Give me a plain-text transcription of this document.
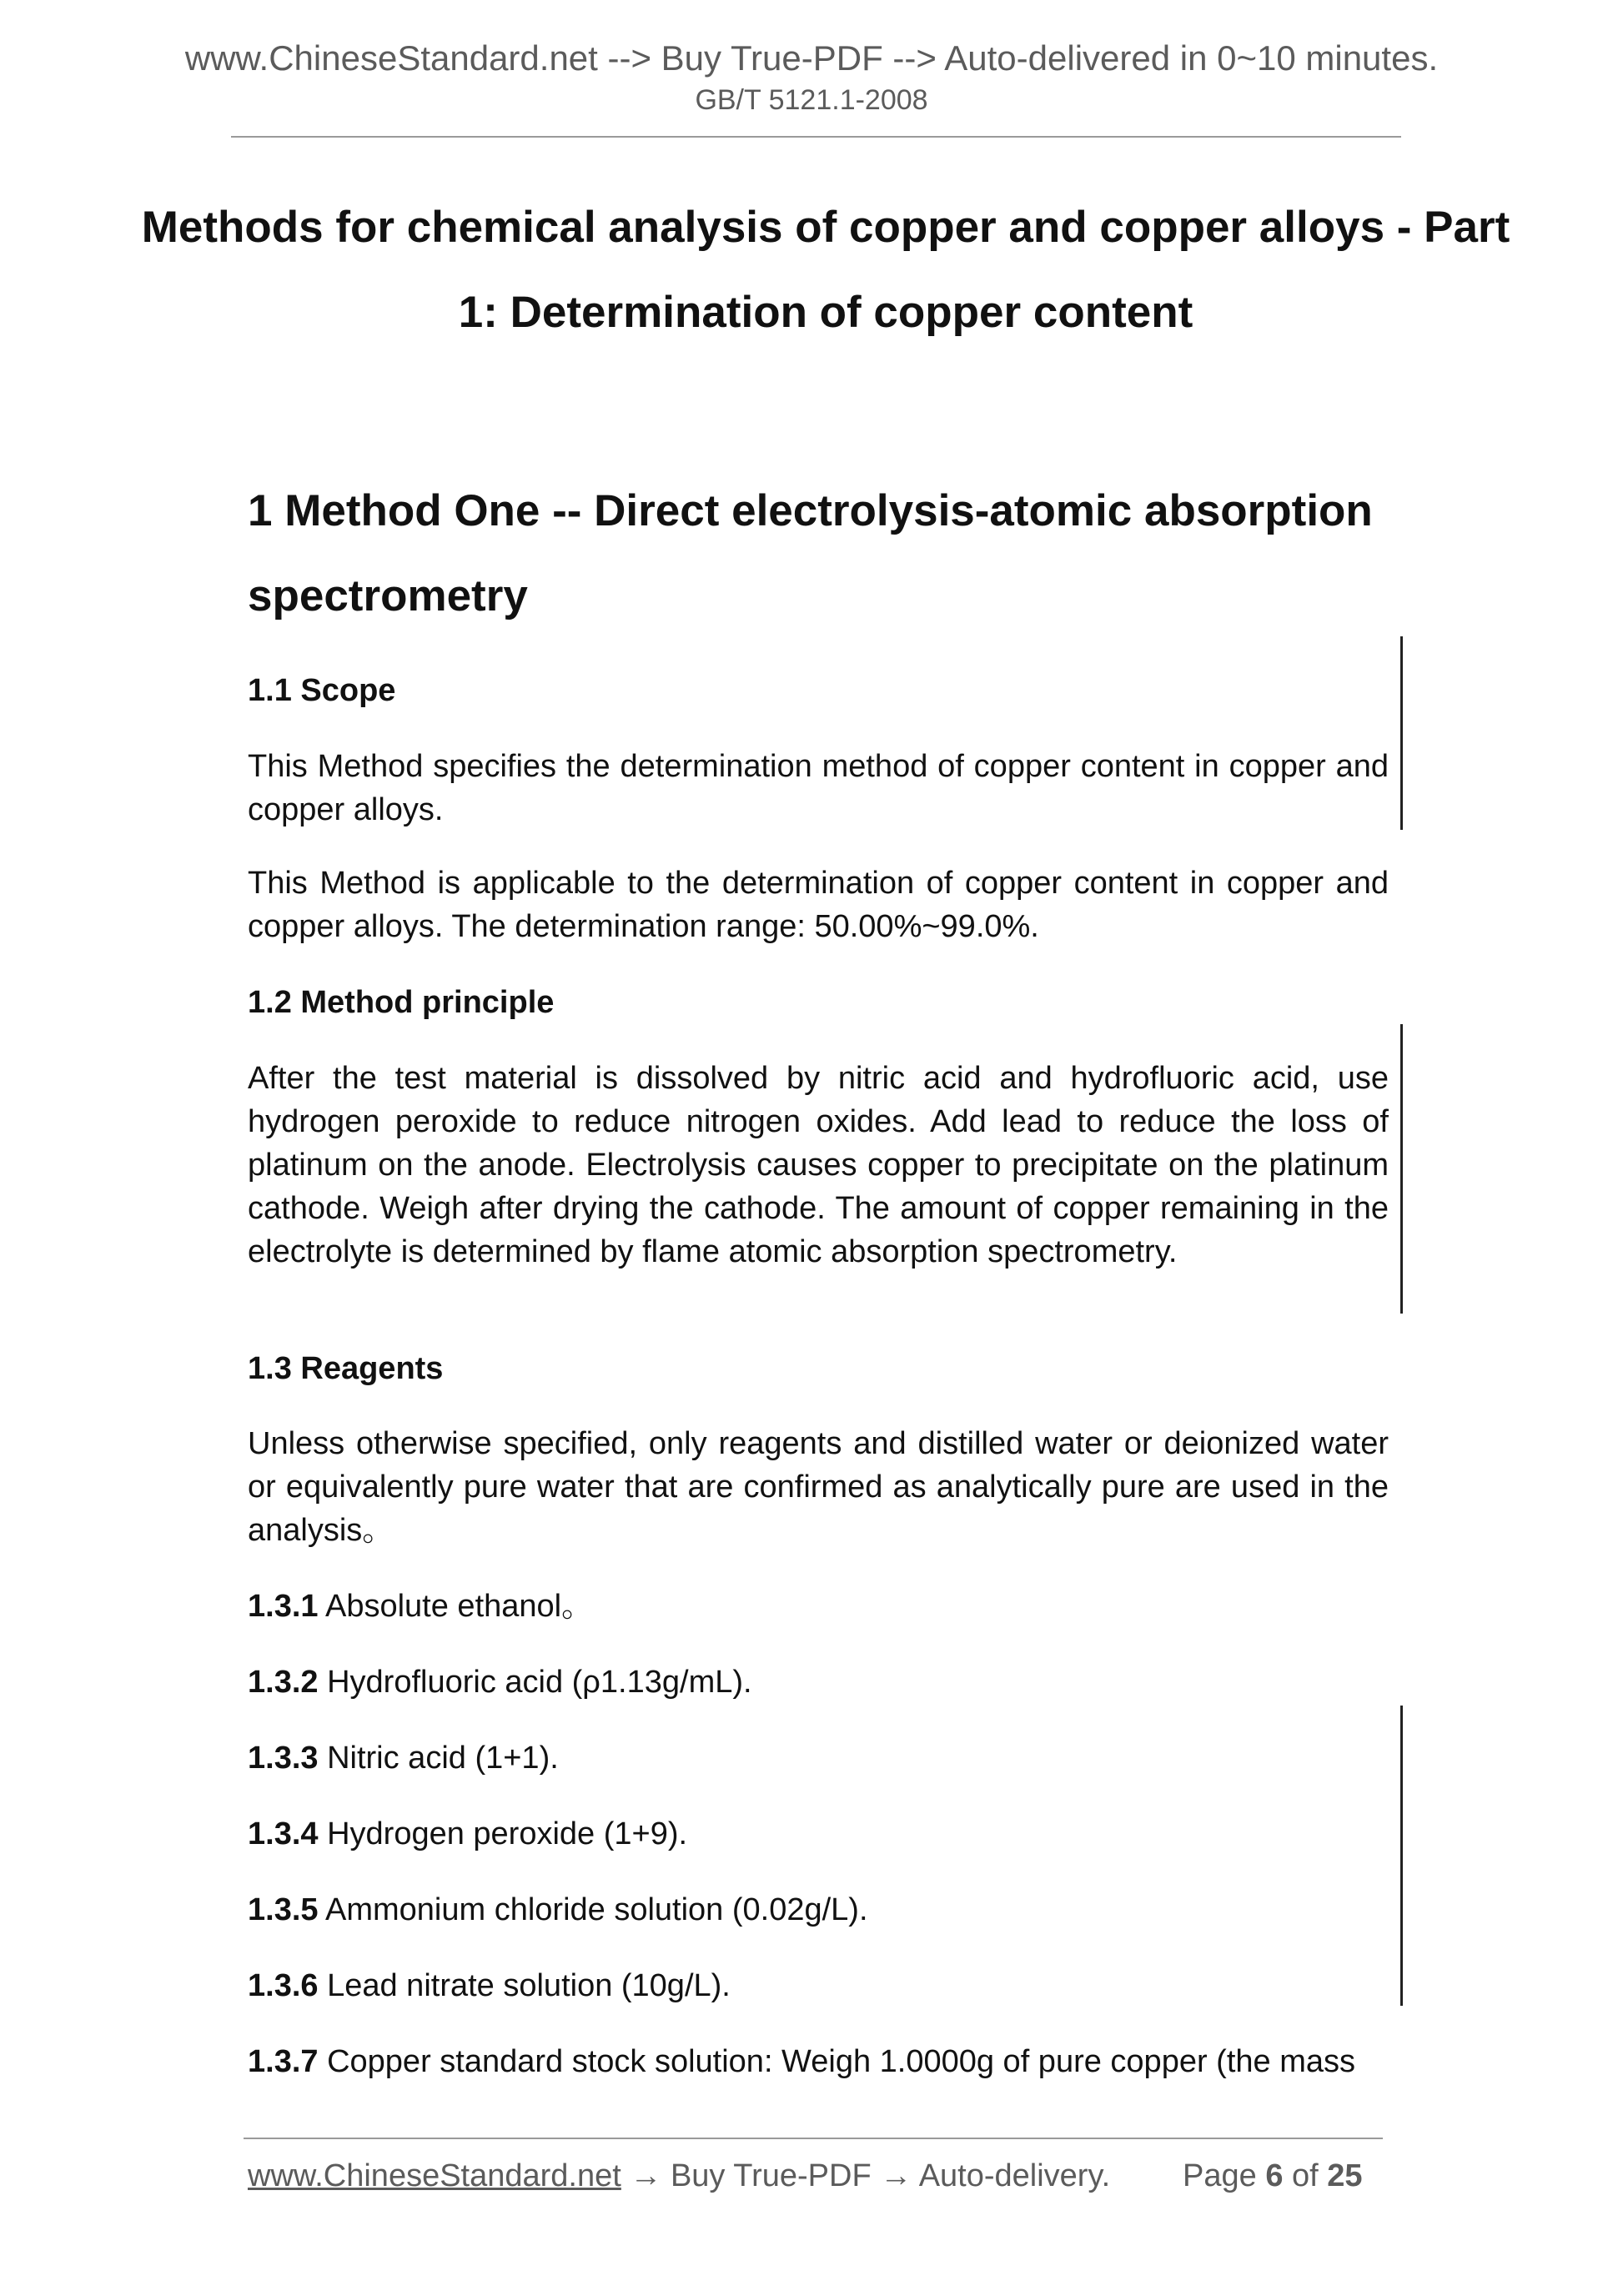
www.ChineseStandard.net --> Buy True-PDF --> Auto-delivered in 0~10 minutes.
GB/T 5121.1-2008
Methods for chemical analysis of copper and copper alloys - Part 1: Determination of copper content
1 Method One -- Direct electrolysis-atomic absorption spectrometry
1.1 Scope
This Method specifies the determination method of copper content in copper and copper alloys.
This Method is applicable to the determination of copper content in copper and copper alloys. The determination range: 50.00%~99.0%.
1.2 Method principle
After the test material is dissolved by nitric acid and hydrofluoric acid, use hydrogen peroxide to reduce nitrogen oxides. Add lead to reduce the loss of platinum on the anode. Electrolysis causes copper to precipitate on the platinum cathode. Weigh after drying the cathode. The amount of copper remaining in the electrolyte is determined by flame atomic absorption spectrometry.
1.3 Reagents
Unless otherwise specified, only reagents and distilled water or deionized water or equivalently pure water that are confirmed as analytically pure are used in the analysis。
1.3.1 Absolute ethanol。
1.3.2 Hydrofluoric acid (ρ1.13g/mL).
1.3.3 Nitric acid (1+1).
1.3.4 Hydrogen peroxide (1+9).
1.3.5 Ammonium chloride solution (0.02g/L).
1.3.6 Lead nitrate solution (10g/L).
1.3.7 Copper standard stock solution: Weigh 1.0000g of pure copper (the mass
www.ChineseStandard.net → Buy True-PDF → Auto-delivery. Page 6 of 25
